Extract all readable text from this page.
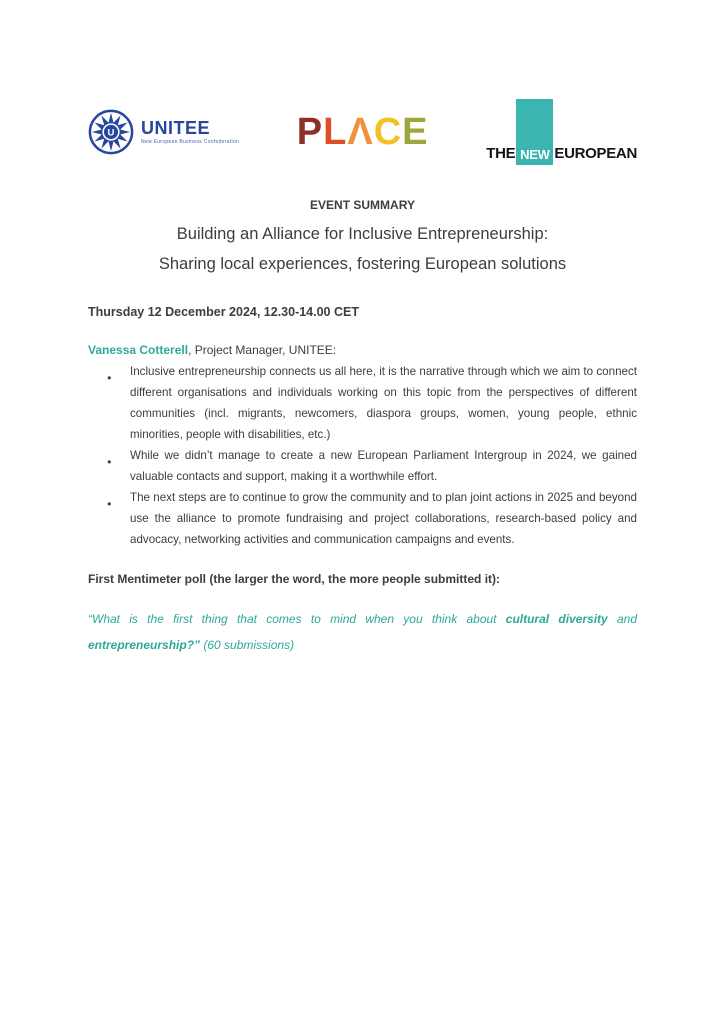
U UNITEE
New European Business Confederation P L Λ C E
THE NEW EUROPEAN
EVENT SUMMARY
Building an Alliance for Inclusive Entrepreneurship:
Sharing local experiences, fostering European solutions

Thursday 12 December 2024, 12.30-14.00 CET

Vanessa Cotterell, Project Manager, UNITEE:

● Inclusive entrepreneurship connects us all here, it is the narrative through which we aim to connect different organisations and individuals working on this topic from the perspectives of different communities (incl. migrants, newcomers, diaspora groups, women, young people, ethnic minorities, people with disabilities, etc.)
● While we didn’t manage to create a new European Parliament Intergroup in 2024, we gained valuable contacts and support, making it a worthwhile effort.
● The next steps are to continue to grow the community and to plan joint actions in 2025 and beyond use the alliance to promote fundraising and project collaborations, research-based policy and advocacy, networking activities and communication campaigns and events.

First Mentimeter poll (the larger the word, the more people submitted it):

“What is the first thing that comes to mind when you think about cultural diversity and entrepreneurship?” (60 submissions)
